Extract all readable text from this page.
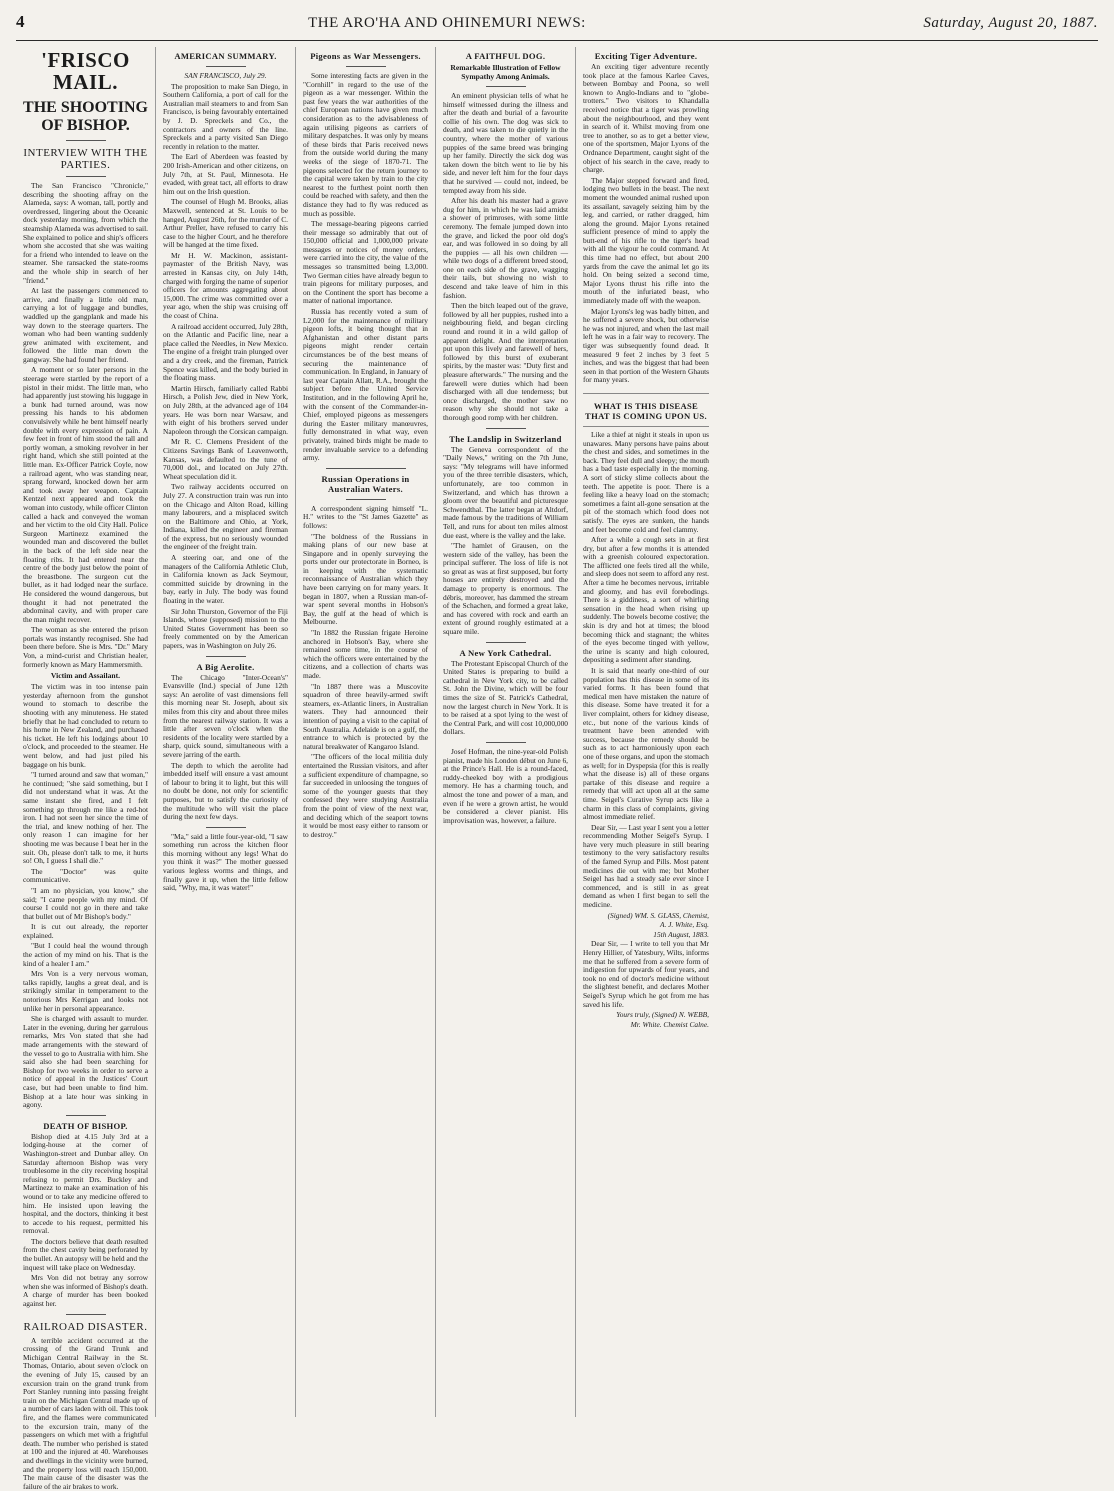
4	THE ARO'HA AND OHINEMURI NEWS:	Saturday, August 20, 1887.
'FRISCO MAIL.
THE SHOOTING OF BISHOP.
INTERVIEW WITH THE PARTIES.

The San Francisco "Chronicle," describing the shooting affray on the Alameda, says: A woman, tall, portly and overdressed, lingering about the Oceanic dock yesterday morning, from which the steamship Alameda was advertised to sail. She explained to police and ship's officers whom she accosted that she was waiting for a friend who intended to leave on the steamer. She ransacked the state-rooms and the whole ship in search of her "friend."

At last the passengers commenced to arrive, and finally a little old man, carrying a lot of luggage and bundles, waddled up the gangplank and made his way down to the steerage quarters. The woman who had been wanting suddenly grew animated with excitement, and followed the little man down the gangway. She had found her friend.

A moment or so later persons in the steerage were startled by the report of a pistol in their midst. The little man, who had apparently just stowing his luggage in a bunk had turned around, was now pressing his hands to his abdomen convulsively while he bent himself nearly double with every expression of pain. A few feet in front of him stood the tall and portly woman, a smoking revolver in her right hand, which she still pointed at the little man. Ex-Officer Patrick Coyle, now a railroad agent, who was standing near, sprang forward, knocked down her arm and took away her weapon. Captain Kentzel next appeared and took the woman into custody, while officer Clinton called a hack and conveyed the woman and her victim to the old City Hall. Police Surgeon Martinezz examined the wounded man and discovered the bullet in the back of the left side near the floating ribs. It had entered near the centre of the body just below the point of the breastbone. The surgeon cut the bullet, as it had lodged near the surface. He considered the wound dangerous, but thought it had not penetrated the abdominal cavity, and with proper care the man might recover.

The woman as she entered the prison portals was instantly recognised. She had been there before. She is Mrs. "Dr." Mary Von, a mind-curist and Christian healer, formerly known as Mary Hammersmith.

Victim and Assailant.

The victim was in too intense pain yesterday afternoon from the gunshot wound to stomach to describe the shooting with any minuteness. He stated briefly that he had concluded to return to his home in New Zealand, and purchased his ticket. He left his lodgings about 10 o'clock, and proceeded to the steamer. He went below, and had just piled his baggage on his bunk.

"I turned around and saw that woman," he continued; "she said something, but I did not understand what it was. At the same instant she fired, and I felt something go through me like a red-hot iron. I had not seen her since the time of the trial, and knew nothing of her. The only reason I can imagine for her shooting me was because I beat her in the suit. Oh, please don't talk to me, it hurts so! Oh, I guess I shall die."

The "Doctor" was quite communicative.

"I am no physician, you know," she said; "I came people with my mind. Of course I could not go in there and take that bullet out of Mr Bishop's body."

It is cut out already, the reporter explained.

"But I could heal the wound through the action of my mind on his. That is the kind of a healer I am."

Mrs Von is a very nervous woman, talks rapidly, laughs a great deal, and is strikingly similar in temperament to the notorious Mrs Kerrigan and looks not unlike her in personal appearance.

She is charged with assault to murder. Later in the evening, during her garrulous remarks, Mrs Von stated that she had made arrangements with the steward of the vessel to go to Australia with him. She said also she had been searching for Bishop for two weeks in order to serve a notice of appeal in the Justices' Court case, but had been unable to find him. Bishop at a late hour was sinking in agony.

DEATH OF BISHOP.

Bishop died at 4.15 July 3rd at a lodging-house at the corner of Washington-street and Dunbar alley. On Saturday afternoon Bishop was very troublesome in the city receiving hospital refusing to permit Drs. Buckley and Martinezz to make an examination of his wound or to take any medicine offered to him. He insisted upon leaving the hospital, and the doctors, thinking it best to accede to his request, permitted his removal.

The doctors believe that death resulted from the chest cavity being perforated by the bullet. An autopsy will be held and the inquest will take place on Wednesday.

Mrs Von did not betray any sorrow when she was informed of Bishop's death. A charge of murder has been booked against her.

RAILROAD DISASTER.

A terrible accident occurred at the crossing of the Grand Trunk and Michigan Central Railway in the St. Thomas, Ontario, about seven o'clock on the evening of July 15, caused by an excursion train on the grand trunk from Port Stanley running into passing freight train on the Michigan Central made up of a number of cars laden with oil. This took fire, and the flames were communicated to the excursion train, many of the passengers on which met with a frightful death. The number who perished is stated at 100 and the injured at 40. Warehouses and dwellings in the vicinity were burned, and the property loss will reach 150,000. The main cause of the disaster was the failure of the air brakes to work.

AMERICAN SUMMARY.
SAN FRANCISCO, July 29.

The proposition to make San Diego, in Southern California, a port of call for the Australian mail steamers to and from San Francisco, is being favourably entertained by J. D. Spreckels and Co., the contractors and owners of the line. Spreckels and a party visited San Diego recently in relation to the matter.

The Earl of Aberdeen was feasted by 200 Irish-American and other citizens, on July 7th, at St. Paul, Minnesota. He evaded, with great tact, all efforts to draw him out on the Irish question.

The counsel of Hugh M. Brooks, alias Maxwell, sentenced at St. Louis to be hanged, August 26th, for the murder of C. Arthur Preller, have refused to carry his case to the higher Court, and he therefore will be hanged at the time fixed.

Mr H. W. Mackinon, assistant-paymaster of the British Navy, was arrested in Kansas city, on July 14th, charged with forging the name of superior officers for amounts aggregating about 15,000. The crime was committed over a year ago, when the ship was cruising off the coast of China.

A railroad accident occurred, July 28th, on the Atlantic and Pacific line, near a place called the Needles, in New Mexico. The engine of a freight train plunged over and a dry creek, and the fireman, Patrick Spence was killed, and the body buried in the floating mass.

Martin Hirsch, familiarly called Rabbi Hirsch, a Polish Jew, died in New York, on July 28th, at the advanced age of 104 years. He was born near Warsaw, and with eight of his brothers served under Napoleon through the Corsican campaign.

Mr R. C. Clemens President of the Citizens Savings Bank of Leavenworth, Kansas, was defaulted to the tune of 70,000 dol., and located on July 27th. Wheat speculation did it.

Two railway accidents occurred on July 27. A construction train was run into on the Chicago and Alton Road, killing many labourers, and a misplaced switch on the Baltimore and Ohio, at York, Indiana, killed the engineer and fireman of the express, but no seriously wounded the engineer of the freight train.

A steering oar, and one of the managers of the California Athletic Club, in California known as Jack Seymour, committed suicide by drowning in the bay, early in July. The body was found floating in the water.

Sir John Thurston, Governor of the Fiji Islands, whose (supposed) mission to the United States Government has been so freely commented on by the American papers, was in Washington on July 26.

A Big Aerolite.

The Chicago "Inter-Ocean's" Evansville (Ind.) special of June 12th says: An aerolite of vast dimensions fell this morning near St. Joseph, about six miles from this city and about three miles from the nearest railway station. It was a little after seven o'clock when the residents of the locality were startled by a sharp, quick sound, simultaneous with a severe jarring of the earth.

The depth to which the aerolite had imbedded itself will ensure a vast amount of labour to bring it to light, but this will no doubt be done, not only for scientific purposes, but to satisfy the curiosity of the multitude who will visit the place during the next few days.

"Ma," said a little four-year-old, "I saw something run across the kitchen floor this morning without any legs! What do you think it was?" The mother guessed various legless worms and things, and finally gave it up, when the little fellow said, "Why, ma, it was water!"

Pigeons as War Messengers.

Some interesting facts are given in the "Cornhill" in regard to the use of the pigeon as a war messenger. Within the past few years the war authorities of the chief European nations have given much consideration as to the advisableness of again utilising pigeons as carriers of military despatches. It was only by means of these birds that Paris received news from the outside world during the many weeks of the siege of 1870-71. The pigeons selected for the return journey to the capital were taken by train to the city nearest to the furthest point north then could be reached with safety, and then the distance they had to fly was reduced as much as possible.

The message-bearing pigeons carried their message so admirably that out of 150,000 official and 1,000,000 private messages or notices of money orders, were carried into the city, the value of the messages so transmitted being L3,000. Two German cities have already begun to train pigeons for military purposes, and on the Continent the sport has become a matter of national importance.

Russia has recently voted a sum of L2,000 for the maintenance of military pigeon lofts, it being thought that in Afghanistan and other distant parts pigeons might render certain circumstances be of the best means of securing the maintenance of communication. In England, in January of last year Captain Allatt, R.A., brought the subject before the United Service Institution, and in the following April he, with the consent of the Commander-in-Chief, employed pigeons as messengers during the Easter military manœuvres, fully demonstrated in what way, even privately, trained birds might be made to render invaluable service to a defending army.

Russian Operations in Australian Waters.

A correspondent signing himself "L. H." writes to the "St James Gazette" as follows:

"The boldness of the Russians in making plans of our new base at Singapore and in openly surveying the ports under our protectorate in Borneo, is in keeping with the systematic reconnaissance of Australian which they have been carrying on for many years. It began in 1807, when a Russian man-of-war spent several months in Hobson's Bay, the gulf at the head of which is Melbourne.

"In 1882 the Russian frigate Heroine anchored in Hobson's Bay, where she remained some time, in the course of which the officers were entertained by the citizens, and a collection of charts was made.

"In 1887 there was a Muscovite squadron of three heavily-armed swift steamers, ex-Atlantic liners, in Australian waters. They had announced their intention of paying a visit to the capital of South Australia. Adelaide is on a gulf, the entrance to which is protected by the natural breakwater of Kangaroo Island.

"The officers of the local militia duly entertained the Russian visitors, and after a sufficient expenditure of champagne, so far succeeded in unloosing the tongues of some of the younger guests that they confessed they were studying Australia from the point of view of the next war, and deciding which of the seaport towns it would be most easy either to ransom or to destroy."

A FAITHFUL DOG.
Remarkable Illustration of Fellow Sympathy Among Animals.

An eminent physician tells of what he himself witnessed during the illness and after the death and burial of a favourite collie of his own. The dog was sick to death, and was taken to die quietly in the country, where the mother of various puppies of the same breed was bringing up her family. Directly the sick dog was taken down the bitch went to lie by his side, and never left him for the four days that he survived — could not, indeed, be tempted away from his side.

After his death his master had a grave dug for him, in which he was laid amidst a shower of primroses, with some little ceremony. The female jumped down into the grave, and licked the poor old dog's ear, and was followed in so doing by all the puppies — all his own children — while two dogs of a different breed stood, one on each side of the grave, wagging their tails, but showing no wish to descend and take leave of him in this fashion.

Then the bitch leaped out of the grave, followed by all her puppies, rushed into a neighbouring field, and began circling round and round it in a wild gallop of apparent delight. And the interpretation put upon this lively and farewell of hers, followed by this burst of exuberant spirits, by the master was: "Duty first and pleasure afterwards." The nursing and the farewell were duties which had been discharged with all due tenderness; but once discharged, the mother saw no reason why she should not take a thorough good romp with her children.

The Landslip in Switzerland

The Geneva correspondent of the "Daily News," writing on the 7th June, says: "My telegrams will have informed you of the three terrible disasters, which, unfortunately, are too common in Switzerland, and which has thrown a gloom over the beautiful and picturesque Schwendthal. The latter began at Altdorf, made famous by the traditions of William Tell, and runs for about ten miles almost due east, where is the valley and the lake.

"The hamlet of Grausen, on the western side of the valley, has been the principal sufferer. The loss of life is not so great as was at first supposed, but forty houses are entirely destroyed and the damage to property is enormous. The débris, moreover, has dammed the stream of the Schachen, and formed a great lake, and has covered with rock and earth an extent of ground roughly estimated at a square mile.

A New York Cathedral.

The Protestant Episcopal Church of the United States is preparing to build a cathedral in New York city, to be called St. John the Divine, which will be four times the size of St. Patrick's Cathedral, now the largest church in New York. It is to be raised at a spot lying to the west of the Central Park, and will cost 10,000,000 dollars.

Josef Hofman, the nine-year-old Polish pianist, made his London début on June 6, at the Prince's Hall. He is a round-faced, ruddy-cheeked boy with a prodigious memory. He has a charming touch, and almost the tone and power of a man, and even if he were a grown artist, he would be considered a clever pianist. His improvisation was, however, a failure.

Exciting Tiger Adventure.

An exciting tiger adventure recently took place at the famous Karlee Caves, between Bombay and Poona, so well known to Anglo-Indians and to "globe-trotters." Two visitors to Khandalla received notice that a tiger was prowling about the neighbourhood, and they went in search of it. Whilst moving from one tree to another, so as to get a better view, one of the sportsmen, Major Lyons of the Ordnance Department, caught sight of the object of his search in the cave, ready to charge.

The Major stepped forward and fired, lodging two bullets in the beast. The next moment the wounded animal rushed upon its assailant, savagely seizing him by the leg, and carried, or rather dragged, him along the ground. Major Lyons retained sufficient presence of mind to apply the butt-end of his rifle to the tiger's head with all the vigour he could command. At this time had no effect, but about 200 yards from the cave the animal let go its hold. On being seized a second time, Major Lyons thrust his rifle into the mouth of the infuriated beast, who immediately made off with the weapon.

Major Lyons's leg was badly bitten, and he suffered a severe shock, but otherwise he was not injured, and when the last mail left he was in a fair way to recovery. The tiger was subsequently found dead. It measured 9 feet 2 inches by 3 feet 5 inches, and was the biggest that had been seen in that portion of the Western Ghauts for many years.

WHAT IS THIS DISEASE THAT IS COMING UPON US.

Like a thief at night it steals in upon us unawares. Many persons have pains about the chest and sides, and sometimes in the back. They feel dull and sleepy; the mouth has a bad taste especially in the morning. A sort of sticky slime collects about the teeth. The appetite is poor. There is a feeling like a heavy load on the stomach; sometimes a faint all-gone sensation at the pit of the stomach which food does not satisfy. The eyes are sunken, the hands and feet become cold and feel clammy.

After a while a cough sets in at first dry, but after a few months it is attended with a greenish coloured expectoration. The afflicted one feels tired all the while, and sleep does not seem to afford any rest. After a time he becomes nervous, irritable and gloomy, and has evil forebodings. There is a giddiness, a sort of whirling sensation in the head when rising up suddenly. The bowels become costive; the skin is dry and hot at times; the blood becoming thick and stagnant; the whites of the eyes become tinged with yellow, the urine is scanty and high coloured, depositing a sediment after standing.

It is said that nearly one-third of our population has this disease in some of its varied forms. It has been found that medical men have mistaken the nature of this disease. Some have treated it for a liver complaint, others for kidney disease, etc., but none of the various kinds of treatment have been attended with success, because the remedy should be such as to act harmoniously upon each one of these organs, and upon the stomach as well; for in Dyspepsia (for this is really what the disease is) all of these organs partake of this disease and require a remedy that will act upon all at the same time. Seigel's Curative Syrup acts like a charm in this class of complaints, giving almost immediate relief.

Dear Sir, — Last year I sent you a letter recommending Mother Seigel's Syrup. I have very much pleasure in still bearing testimony to the very satisfactory results of the famed Syrup and Pills. Most patent medicines die out with me; but Mother Seigel has had a steady sale ever since I commenced, and is still in as great demand as when I first began to sell the medicine.

(Signed) WM. S. GLASS, Chemist,
A. J. White, Esq.
15th August, 1883.

Dear Sir, — I write to tell you that Mr Henry Hillier, of Yatesbury, Wilts, informs me that he suffered from a severe form of indigestion for upwards of four years, and took no end of doctor's medicine without the slightest benefit, and declares Mother Seigel's Syrup which he got from me has saved his life.

Yours truly, (Signed) N. WEBB,
Mr. White. Chemist Calne.
